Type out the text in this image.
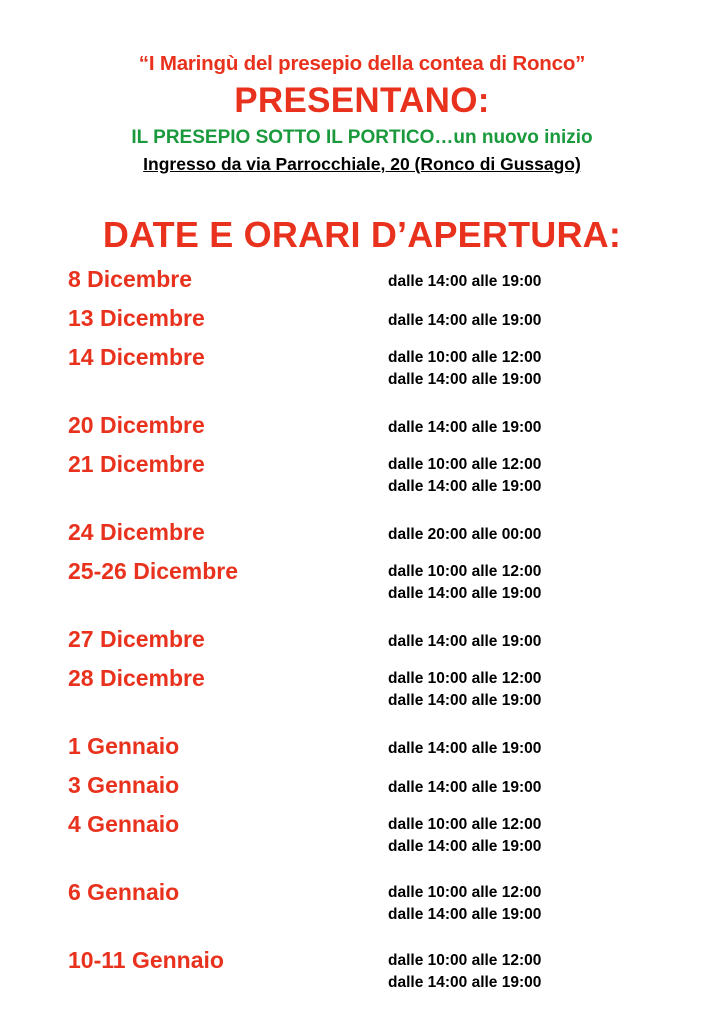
“I Maringù del presepio della contea di Ronco”
PRESENTANO:
IL PRESEPIO SOTTO IL PORTICO…un nuovo inizio
Ingresso da via Parrocchiale, 20 (Ronco di Gussago)
DATE E ORARI D’APERTURA:
8 Dicembre	dalle 14:00 alle 19:00
13 Dicembre	dalle 14:00 alle 19:00
14 Dicembre	dalle 10:00 alle 12:00
dalle 14:00 alle 19:00
20 Dicembre	dalle 14:00 alle 19:00
21 Dicembre	dalle 10:00 alle 12:00
dalle 14:00 alle 19:00
24 Dicembre	dalle 20:00 alle 00:00
25-26 Dicembre	dalle 10:00 alle 12:00
dalle 14:00 alle 19:00
27 Dicembre	dalle 14:00 alle 19:00
28 Dicembre	dalle 10:00 alle 12:00
dalle 14:00 alle 19:00
1 Gennaio	dalle 14:00 alle 19:00
3 Gennaio	dalle 14:00 alle 19:00
4 Gennaio	dalle 10:00 alle 12:00
dalle 14:00 alle 19:00
6 Gennaio	dalle 10:00 alle 12:00
dalle 14:00 alle 19:00
10-11 Gennaio	dalle 10:00 alle 12:00
dalle 14:00 alle 19:00
